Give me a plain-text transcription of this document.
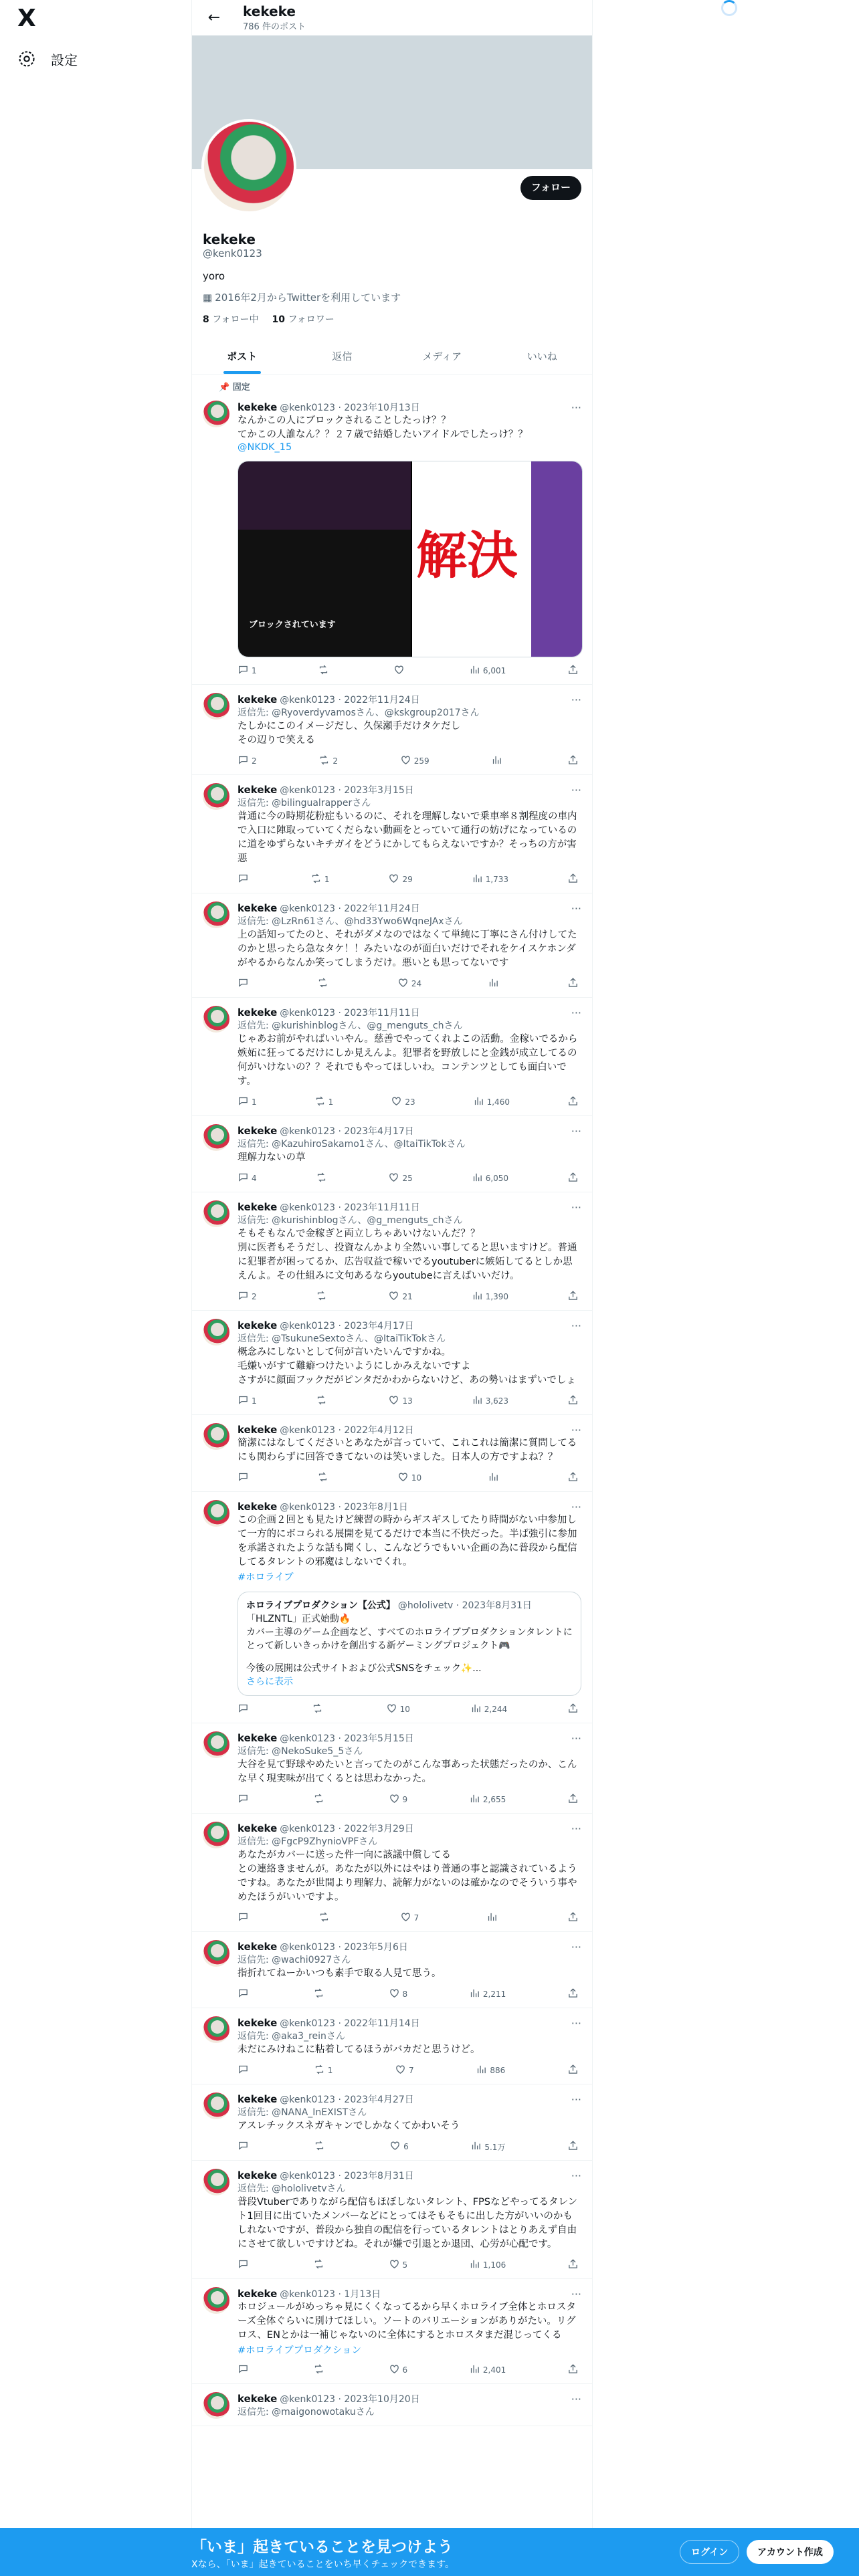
X
設定
←	kekeke
786 件のポスト
フォロー
kekeke
@kenk0123
yoro
▦ 2016年2月からTwitterを利用しています
8 フォロー中 10 フォロワー
ポスト	返信	メディア	いいね
📌 固定
kekeke @kenk0123 · 2023年10月13日	···
なんかこの人にブロックされることしたっけ？？
てかこの人誰なん？？２７歳で結婚したいアイドルでしたっけ？？
@NKDK_15
ブロックされています
解決
1	6,001
kekeke @kenk0123 · 2022年11月24日	···
返信先: @Ryoverdyvamosさん、@kskgroup2017さん
たしかにこのイメージだし、久保瀬手だけタケだし
その辺りで笑える
2	2	259
kekeke @kenk0123 · 2023年3月15日	···
返信先: @bilingualrapperさん
普通に今の時期花粉症もいるのに、それを理解しないで乗車率８割程度の車内で入口に陣取っていてくだらない動画をとっていて通行の妨げになっているのに道をゆずらないキチガイをどうにかしてもらえないですか？そっちの方が害悪
1	29	1,733
kekeke @kenk0123 · 2022年11月24日	···
返信先: @LzRn61さん、@hd33Ywo6WqneJAxさん
上の話知ってたのと、それがダメなのではなくて単純に丁寧にさん付けしてたのかと思ったら急なタケ！！みたいなのが面白いだけでそれをケイスケホンダがやるからなんか笑ってしまうだけ。悪いとも思ってないです
24
kekeke @kenk0123 · 2023年11月11日	···
返信先: @kurishinblogさん、@g_menguts_chさん
じゃあお前がやればいいやん。慈善でやってくれよこの活動。金稼いでるから嫉妬に狂ってるだけにしか見えんよ。犯罪者を野放しにと金銭が成立してるの何がいけないの？？それでもやってほしいわ。コンテンツとしても面白いです。
1	1	23	1,460
kekeke @kenk0123 · 2023年4月17日	···
返信先: @KazuhiroSakamo1さん、@ItaiTikTokさん
理解力ないの草
4	25	6,050
kekeke @kenk0123 · 2023年11月11日	···
返信先: @kurishinblogさん、@g_menguts_chさん
そもそもなんで金稼ぎと両立しちゃあいけないんだ？？
別に医者もそうだし、投資なんかより全然いい事してると思いますけど。普通に犯罪者が困ってるか、広告収益で稼いでるyoutuberに嫉妬してるとしか思えんよ。その仕組みに文句あるならyoutubeに言えばいいだけ。
2	21	1,390
kekeke @kenk0123 · 2023年4月17日	···
返信先: @TsukuneSextoさん、@ItaiTikTokさん
概念みにしないとして何が言いたいんですかね。
毛嫌いがすて難癖つけたいようにしかみえないですよ
さすがに顔面フックだがピンタだかわからないけど、あの勢いはまずいでしょ
1	13	3,623
kekeke @kenk0123 · 2022年4月12日	···
簡潔にはなしてくださいとあなたが言っていて、これこれは簡潔に質問してるにも関わらずに回答できてないのは笑いました。日本人の方ですよね？？
10
kekeke @kenk0123 · 2023年8月1日	···
この企画２回とも見たけど練習の時からギスギスしてたり時間がない中参加して一方的にボコられる展開を見てるだけで本当に不快だった。半ば強引に参加を承諾されたような話も聞くし、こんなどうでもいい企画の為に普段から配信してるタレントの邪魔はしないでくれ。
#ホロライブ
ホロライブプロダクション【公式】 @hololivetv · 2023年8月31日
「HLZNTL」正式始動🔥
カバー主導のゲーム企画など、すべてのホロライブプロダクションタレントにとって新しいきっかけを創出する新ゲーミングプロジェクト🎮
今後の展開は公式サイトおよび公式SNSをチェック✨...
さらに表示
10	2,244
kekeke @kenk0123 · 2023年5月15日	···
返信先: @NekoSuke5_5さん
大谷を見て野球やめたいと言ってたのがこんな事あった状態だったのか、こんな早く現実味が出てくるとは思わなかった。
9	2,655
kekeke @kenk0123 · 2022年3月29日	···
返信先: @FgcP9ZhynioVPFさん
あなたがカバーに送った件一向に該議中償してる
との連絡きませんが。あなたが以外にはやはり普通の事と認識されているようですね。あなたが世間より理解力、読解力がないのは確かなのでそういう事やめたほうがいいですよ。
7
kekeke @kenk0123 · 2023年5月6日	···
返信先: @wachi0927さん
指折れてねーかいつも素手で取る人見て思う。
8	2,211
kekeke @kenk0123 · 2022年11月14日	···
返信先: @aka3_reinさん
未だにみけねこに粘着してるほうがバカだと思うけど。
1	7	886
kekeke @kenk0123 · 2023年4月27日	···
返信先: @NANA_InEXISTさん
アスレチックスネガキャンでしかなくてかわいそう
6	5.1万
kekeke @kenk0123 · 2023年8月31日	···
返信先: @hololivetvさん
普段Vtuberでありながら配信もほぼしないタレント、FPSなどやってるタレント1回目に出ていたメンバーなどにとってはそもそもに出した方がいいのかもしれないですが、普段から独自の配信を行っているタレントはとりあえず自由にさせて欲しいですけどね。それが嫌で引退とか退団、心労が心配です。
5	1,106
kekeke @kenk0123 · 1月13日	···
ホロジュールがめっちゃ見にくくなってるから早くホロライブ全体とホロスターズ全体ぐらいに別けてほしい。ソートのバリエーションがありがたい。リグロス、ENとかは一補じゃないのに全体にするとホロスタまだ混じってくる
#ホロライブプロダクション
6	2,401
kekeke @kenk0123 · 2023年10月20日	···
返信先: @maigonowotakuさん
「いま」起きていることを見つけよう
Xなら、「いま」起きていることをいち早くチェックできます。
ログイン	アカウント作成
